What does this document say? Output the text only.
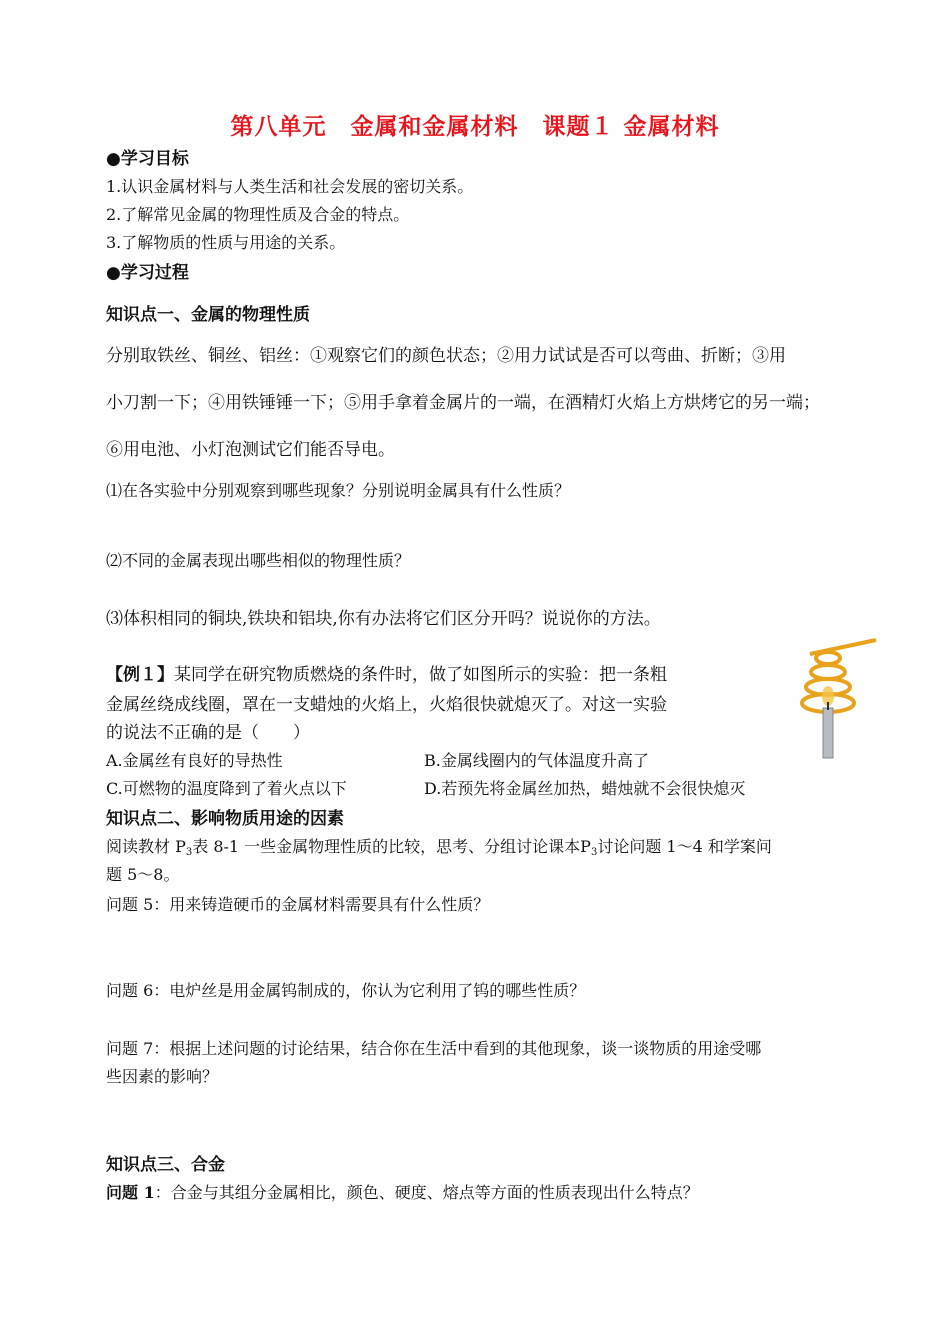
第八单元　金属和金属材料　课题１ 金属材料
●学习目标
1.认识金属材料与人类生活和社会发展的密切关系。
2.了解常见金属的物理性质及合金的特点。
3.了解物质的性质与用途的关系。
●学习过程
知识点一、金属的物理性质
分别取铁丝、铜丝、铝丝：①观察它们的颜色状态；②用力试试是否可以弯曲、折断；③用
小刀割一下；④用铁锤锤一下；⑤用手拿着金属片的一端，在酒精灯火焰上方烘烤它的另一端；
⑥用电池、小灯泡测试它们能否导电。
⑴在各实验中分别观察到哪些现象？分别说明金属具有什么性质？
⑵不同的金属表现出哪些相似的物理性质？
⑶体积相同的铜块,铁块和铝块,你有办法将它们区分开吗？说说你的方法。
【例１】某同学在研究物质燃烧的条件时，做了如图所示的实验：把一条粗
金属丝绕成线圈，罩在一支蜡烛的火焰上，火焰很快就熄灭了。对这一实验
的说法不正确的是（　　）
A.金属丝有良好的导热性	B.金属线圈内的气体温度升高了
C.可燃物的温度降到了着火点以下	D.若预先将金属丝加热，蜡烛就不会很快熄灭
知识点二、影响物质用途的因素
阅读教材 $P_3$表 8-1 一些金属物理性质的比较，思考、分组讨论课本$P_3$讨论问题 1～4 和学案问
题 5～8。
问题 5：用来铸造硬币的金属材料需要具有什么性质？
问题 6：电炉丝是用金属钨制成的，你认为它利用了钨的哪些性质？
问题 7：根据上述问题的讨论结果，结合你在生活中看到的其他现象，谈一谈物质的用途受哪
些因素的影响？
知识点三、合金
问题 1：合金与其组分金属相比，颜色、硬度、熔点等方面的性质表现出什么特点？
